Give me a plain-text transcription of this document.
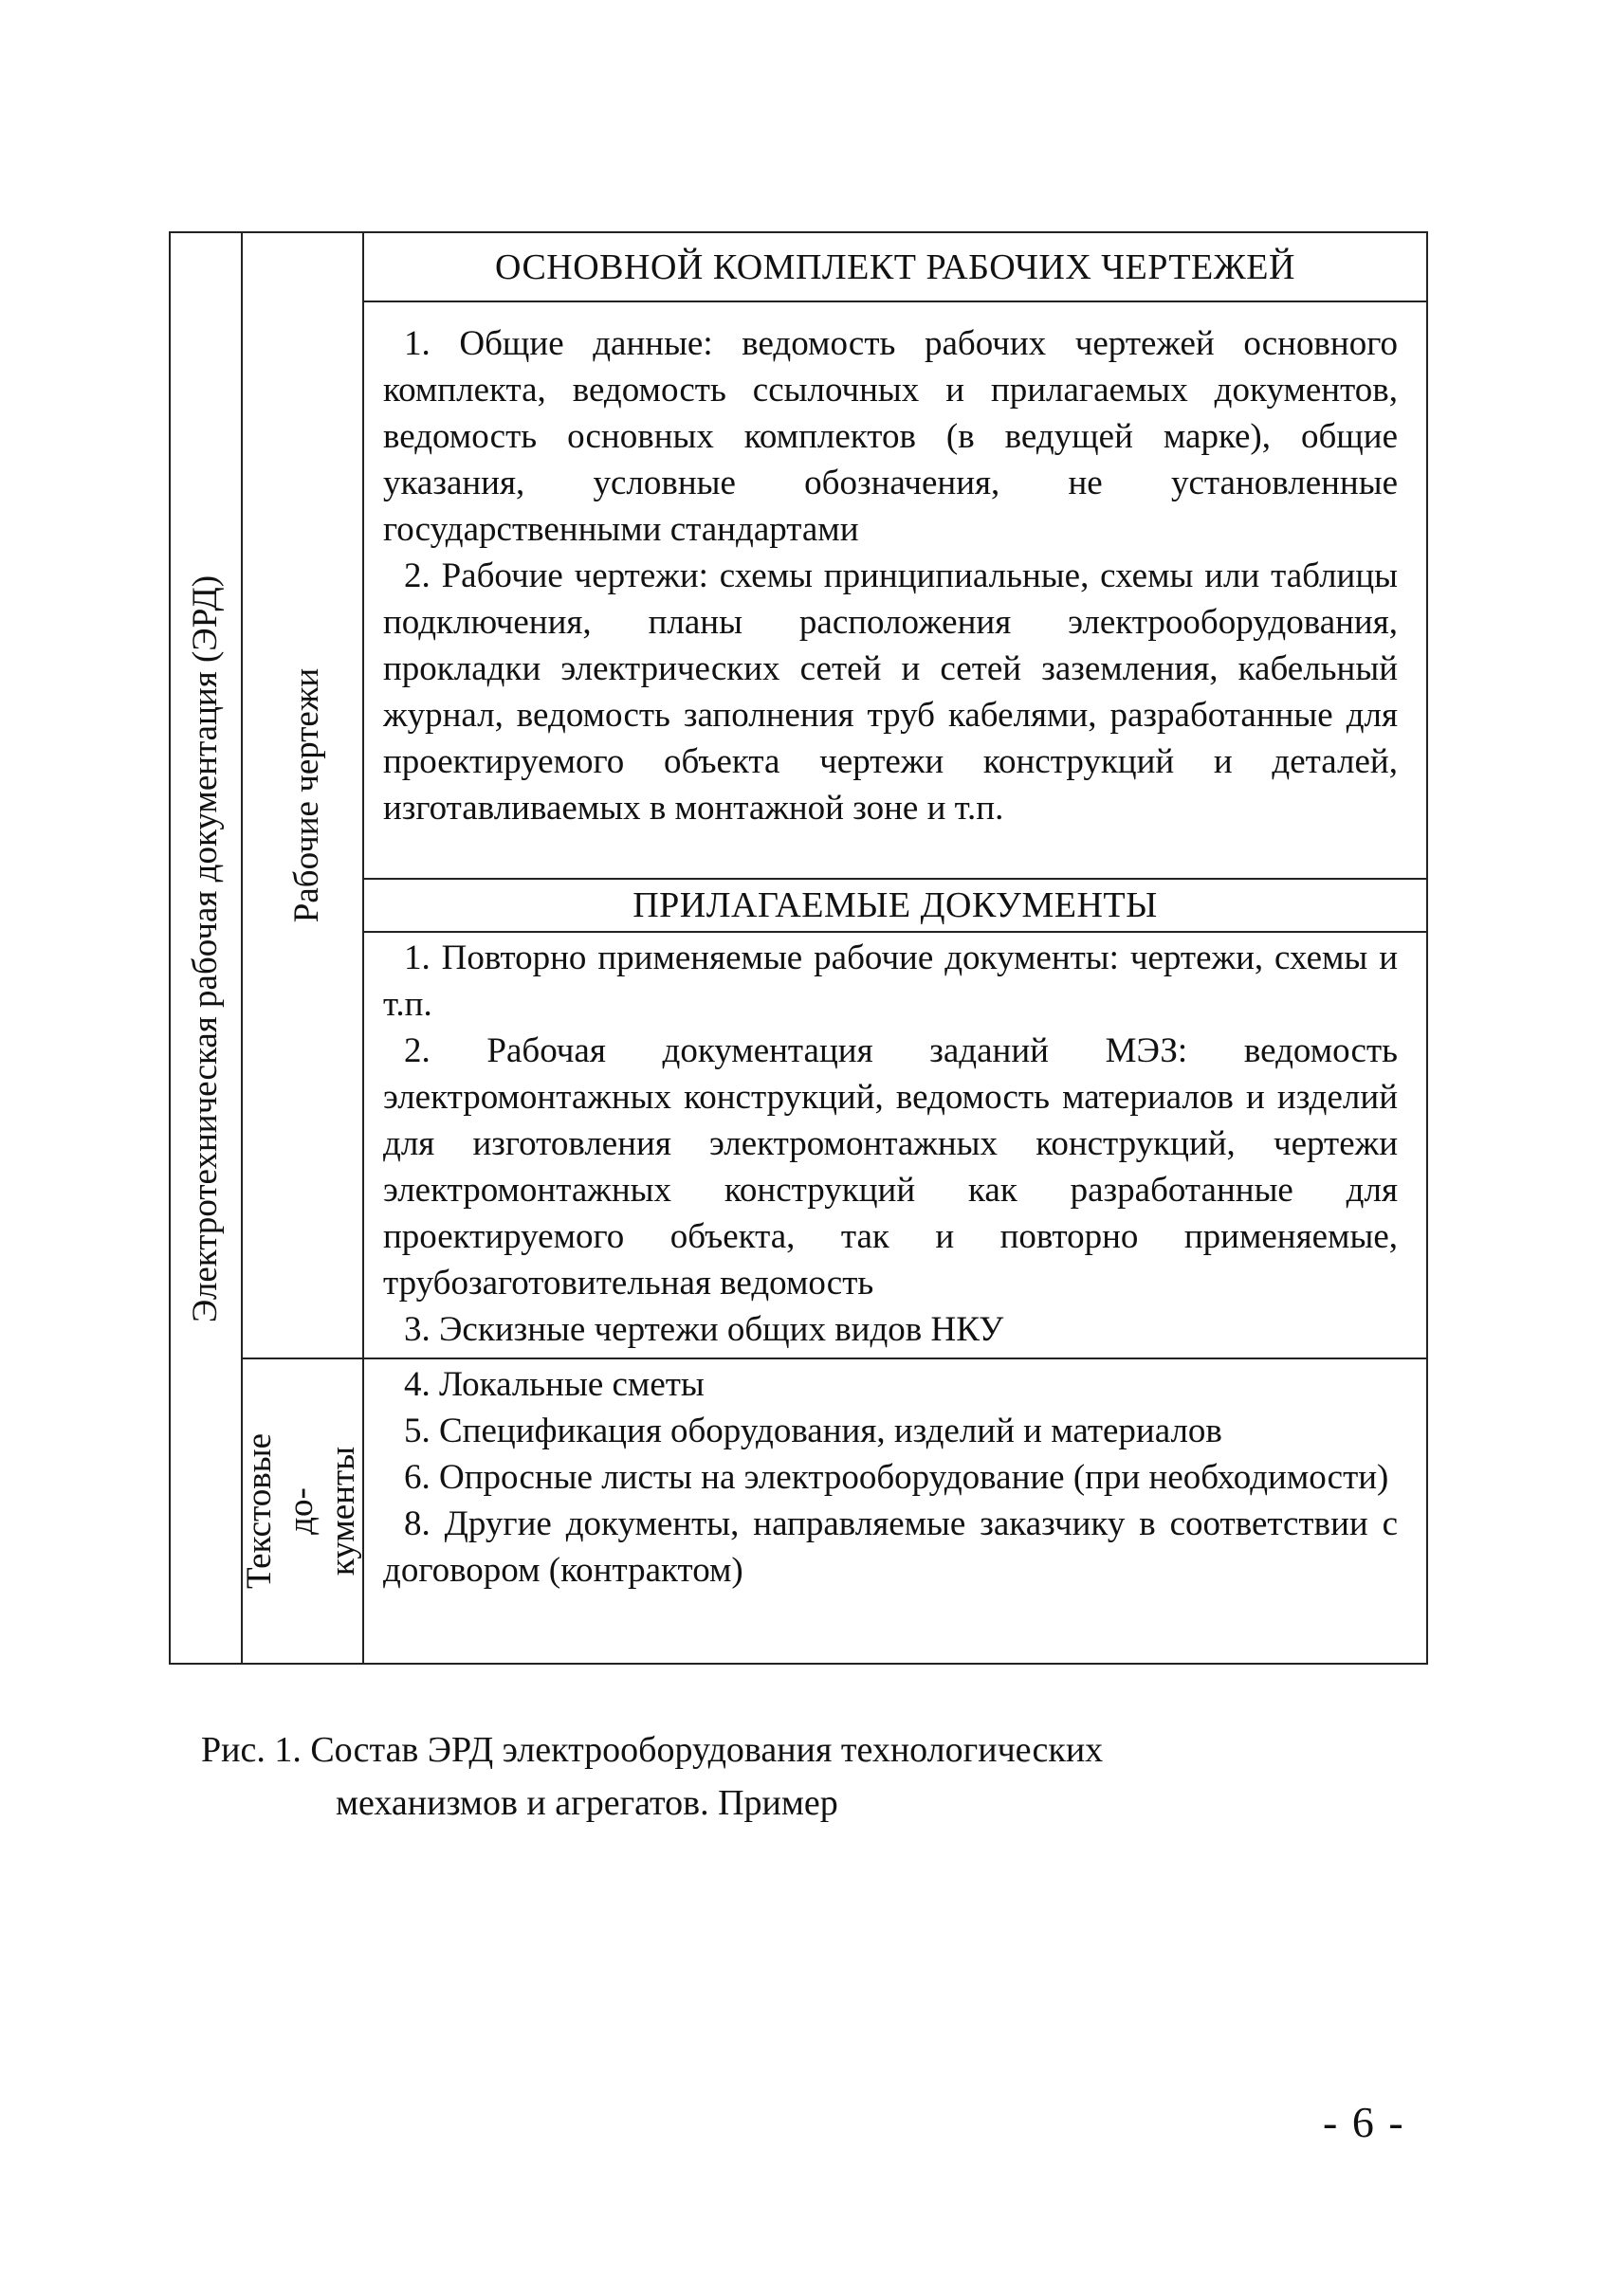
Электротехническая рабочая документация (ЭРД)	Рабочие чертежи
Текстовые до-кументы
ОСНОВНОЙ КОМПЛЕКТ РАБОЧИХ ЧЕРТЕЖЕЙ

1. Общие данные: ведомость рабочих чертежей основного комплекта, ведомость ссылочных и прилагаемых документов, ведомость основных комплектов (в ведущей марке), общие указания, условные обозначения, не установленные государственными стандартами

2. Рабочие чертежи: схемы принципиальные, схемы или таблицы подключения, планы расположения электрооборудования, прокладки электрических сетей и сетей заземления, кабельный журнал, ведомость заполнения труб кабелями, разработанные для проектируемого объекта чертежи конструкций и деталей, изготавливаемых в монтажной зоне и т.п.

ПРИЛАГАЕМЫЕ ДОКУМЕНТЫ

1. Повторно применяемые рабочие документы: чертежи, схемы и т.п.

2. Рабочая документация заданий МЭЗ: ведомость электромонтажных конструкций, ведомость материалов и изделий для изготовления электромонтажных конструкций, чертежи электромонтажных конструкций как разработанные для проектируемого объекта, так и повторно применяемые, трубозаготовительная ведомость

3. Эскизные чертежи общих видов НКУ

4. Локальные сметы

5. Спецификация оборудования, изделий и материалов

6. Опросные листы на электрооборудование (при необходимости)

8. Другие документы, направляемые заказчику в соответствии с договором (контрактом)

Рис. 1. Состав ЭРД электрооборудования технологических
механизмов и агрегатов. Пример
- 6 -
